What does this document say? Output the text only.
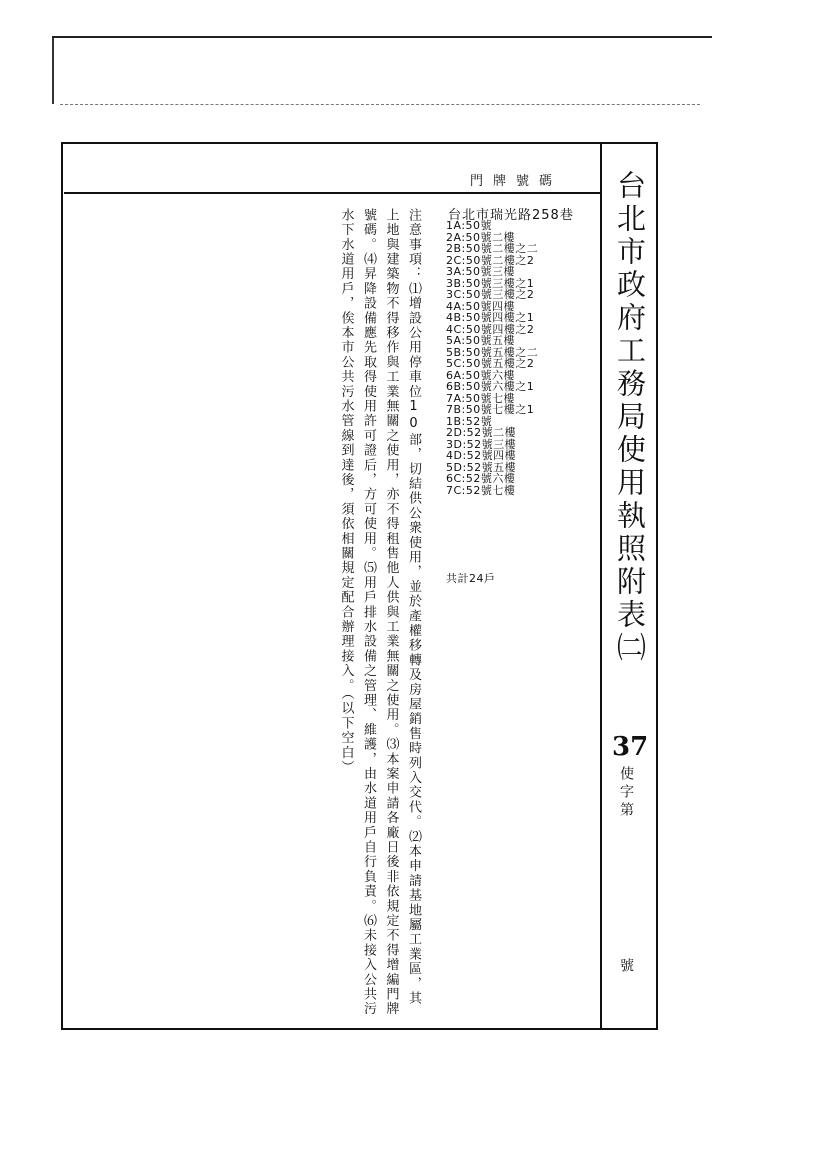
台北市政府工務局使用執照附表㈡
37
使字第
號
門牌號碼
台北市瑞光路258巷
1A:50號
2A:50號二樓
2B:50號二樓之二
2C:50號二樓之2
3A:50號三樓
3B:50號三樓之1
3C:50號三樓之2
4A:50號四樓
4B:50號四樓之1
4C:50號四樓之2
5A:50號五樓
5B:50號五樓之二
5C:50號五樓之2
6A:50號六樓
6B:50號六樓之1
7A:50號七樓
7B:50號七樓之1
1B:52號
2D:52號二樓
3D:52號三樓
4D:52號四樓
5D:52號五樓
6C:52號六樓
7C:52號七樓
共計24戶
注意事項：⑴增設公用停車位10部，切結供公衆使用，並於產權移轉及房屋銷售時列入交代。⑵本申請基地屬工業區，其上地與建築物不得移作與工業無關之使用，亦不得租售他人供與工業無關之使用。⑶本案申請各廠日後非依規定不得增編門牌號碼。⑷昇降設備應先取得使用許可證后，方可使用。⑸用戶排水設備之管理、維護，由水道用戶自行負責。⑹未接入公共污水下水道用戶，俟本市公共污水管線到達後，須依相關規定配合辦理接入。（以下空白）
